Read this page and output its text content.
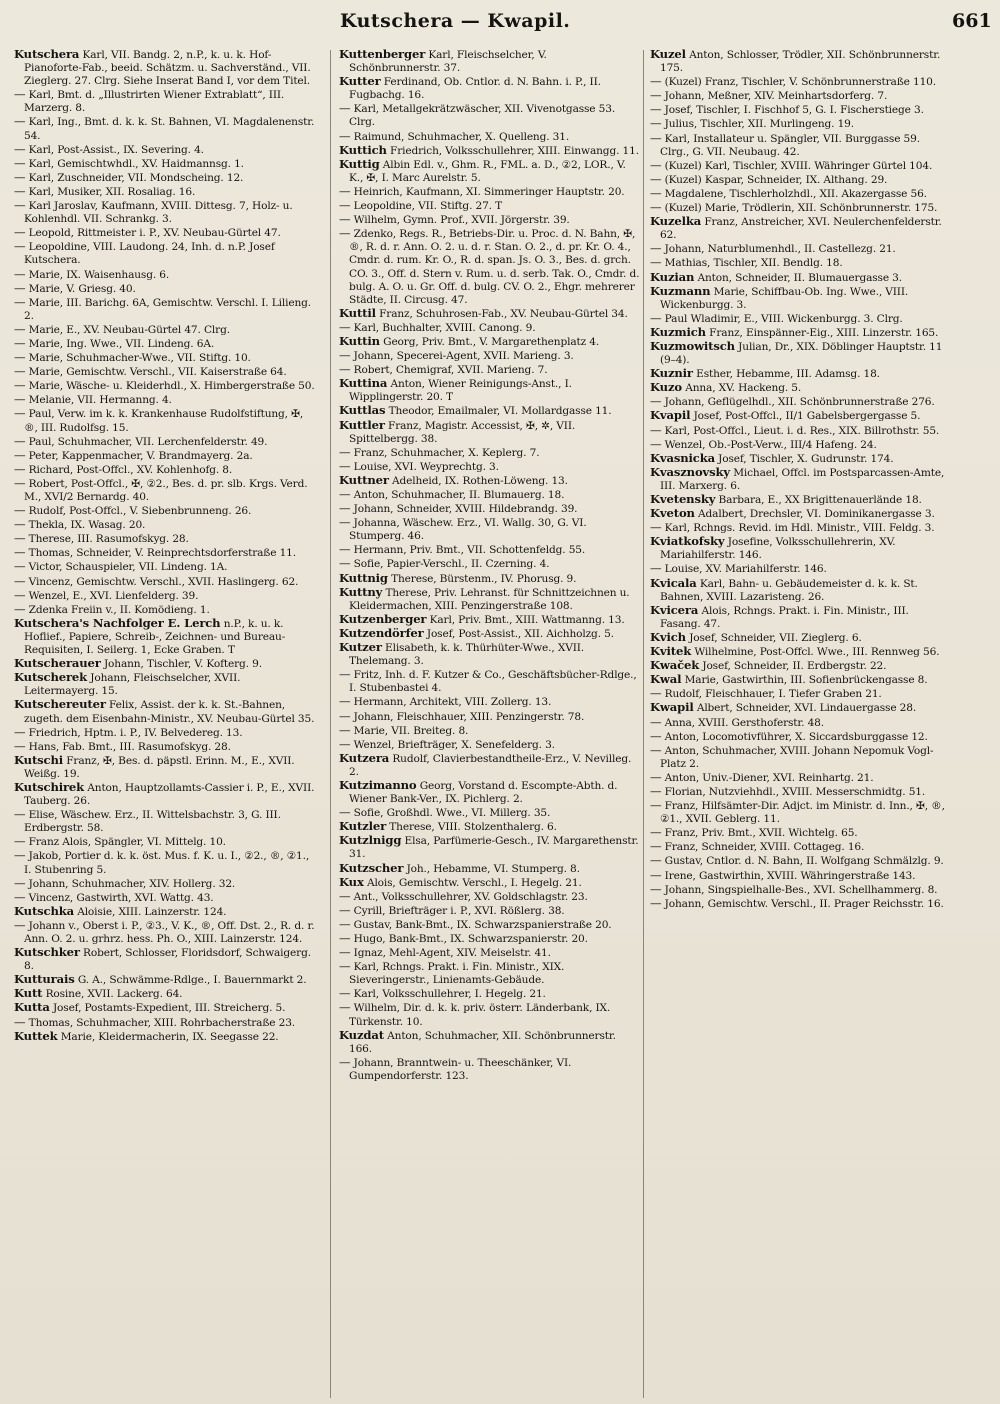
Kutschera — Kwapil.	661

Kutschera Karl, VII. Bandg. 2, n.P., k. u. k. Hof-Pianoforte-Fab., beeid. Schätzm. u. Sachverständ., VII. Zieglerg. 27. Clrg. Siehe Inserat Band I, vor dem Titel.

— Karl, Bmt. d. „Illustrirten Wiener Extrablatt“, III. Marzerg. 8.

— Karl, Ing., Bmt. d. k. k. St. Bahnen, VI. Magdalenenstr. 54.

— Karl, Post-Assist., IX. Severing. 4.

— Karl, Gemischtwhdl., XV. Haidmannsg. 1.

— Karl, Zuschneider, VII. Mondscheing. 12.

— Karl, Musiker, XII. Rosaliag. 16.

— Karl Jaroslav, Kaufmann, XVIII. Dittesg. 7, Holz- u. Kohlenhdl. VII. Schrankg. 3.

— Leopold, Rittmeister i. P., XV. Neubau-Gürtel 47.

— Leopoldine, VIII. Laudong. 24, Inh. d. n.P. Josef Kutschera.

— Marie, IX. Waisenhausg. 6.

— Marie, V. Griesg. 40.

— Marie, III. Barichg. 6A, Gemischtw. Verschl. I. Lilieng. 2.

— Marie, E., XV. Neubau-Gürtel 47. Clrg.

— Marie, Ing. Wwe., VII. Lindeng. 6A.

— Marie, Schuhmacher-Wwe., VII. Stiftg. 10.

— Marie, Gemischtw. Verschl., VII. Kaiserstraße 64.

— Marie, Wäsche- u. Kleiderhdl., X. Himbergerstraße 50.

— Melanie, VII. Hermanng. 4.

— Paul, Verw. im k. k. Krankenhause Rudolfstiftung, ✠, ®, III. Rudolfsg. 15.

— Paul, Schuhmacher, VII. Lerchenfelderstr. 49.

— Peter, Kappenmacher, V. Brandmayerg. 2a.

— Richard, Post-Offcl., XV. Kohlenhofg. 8.

— Robert, Post-Offcl., ✠, ②2., Bes. d. pr. slb. Krgs. Verd. M., XVI/2 Bernardg. 40.

— Rudolf, Post-Offcl., V. Siebenbrunneng. 26.

— Thekla, IX. Wasag. 20.

— Therese, III. Rasumofskyg. 28.

— Thomas, Schneider, V. Reinprechtsdorferstraße 11.

— Victor, Schauspieler, VII. Lindeng. 1A.

— Vincenz, Gemischtw. Verschl., XVII. Haslingerg. 62.

— Wenzel, E., XVI. Lienfelderg. 39.

— Zdenka Freiin v., II. Komödieng. 1.

Kutschera's Nachfolger E. Lerch n.P., k. u. k. Hoflief., Papiere, Schreib-, Zeichnen- und Bureau-Requisiten, I. Seilerg. 1, Ecke Graben. T

Kutscherauer Johann, Tischler, V. Kofterg. 9.

Kutscherek Johann, Fleischselcher, XVII. Leitermayerg. 15.

Kutschereuter Felix, Assist. der k. k. St.-Bahnen, zugeth. dem Eisenbahn-Ministr., XV. Neubau-Gürtel 35.

— Friedrich, Hptm. i. P., IV. Belvedereg. 13.

— Hans, Fab. Bmt., III. Rasumofskyg. 28.

Kutschi Franz, ✠, Bes. d. päpstl. Erinn. M., E., XVII. Weißg. 19.

Kutschirek Anton, Hauptzollamts-Cassier i. P., E., XVII. Tauberg. 26.

— Elise, Wäschew. Erz., II. Wittelsbachstr. 3, G. III. Erdbergstr. 58.

— Franz Alois, Spängler, VI. Mittelg. 10.

— Jakob, Portier d. k. k. öst. Mus. f. K. u. I., ②2., ®, ②1., I. Stubenring 5.

— Johann, Schuhmacher, XIV. Hollerg. 32.

— Vincenz, Gastwirth, XVI. Wattg. 43.

Kutschka Aloisie, XIII. Lainzerstr. 124.

— Johann v., Oberst i. P., ②3., V. K., ®, Off. Dst. 2., R. d. r. Ann. O. 2. u. grhrz. hess. Ph. O., XIII. Lainzerstr. 124.

Kutschker Robert, Schlosser, Floridsdorf, Schwaigerg. 8.

Kutturais G. A., Schwämme-Rdlge., I. Bauernmarkt 2.

Kutt Rosine, XVII. Lackerg. 64.

Kutta Josef, Postamts-Expedient, III. Streicherg. 5.

— Thomas, Schuhmacher, XIII. Rohrbacherstraße 23.

Kuttek Marie, Kleidermacherin, IX. Seegasse 22.

Kuttenberger Karl, Fleischselcher, V. Schönbrunnerstr. 37.

Kutter Ferdinand, Ob. Cntlor. d. N. Bahn. i. P., II. Fugbachg. 16.

— Karl, Metallgekrätzwäscher, XII. Vivenotgasse 53. Clrg.

— Raimund, Schuhmacher, X. Quelleng. 31.

Kuttich Friedrich, Volksschullehrer, XIII. Einwangg. 11.

Kuttig Albin Edl. v., Ghm. R., FML. a. D., ②2, LOR., V. K., ✠, I. Marc Aurelstr. 5.

— Heinrich, Kaufmann, XI. Simmeringer Hauptstr. 20.

— Leopoldine, VII. Stiftg. 27. T

— Wilhelm, Gymn. Prof., XVII. Jörgerstr. 39.

— Zdenko, Regs. R., Betriebs-Dir. u. Proc. d. N. Bahn, ✠, ®, R. d. r. Ann. O. 2. u. d. r. Stan. O. 2., d. pr. Kr. O. 4., Cmdr. d. rum. Kr. O., R. d. span. Js. O. 3., Bes. d. grch. CO. 3., Off. d. Stern v. Rum. u. d. serb. Tak. O., Cmdr. d. bulg. A. O. u. Gr. Off. d. bulg. CV. O. 2., Ehgr. mehrerer Städte, II. Circusg. 47.

Kuttil Franz, Schuhrosen-Fab., XV. Neubau-Gürtel 34.

— Karl, Buchhalter, XVIII. Canong. 9.

Kuttin Georg, Priv. Bmt., V. Margarethenplatz 4.

— Johann, Specerei-Agent, XVII. Marieng. 3.

— Robert, Chemigraf, XVII. Marieng. 7.

Kuttina Anton, Wiener Reinigungs-Anst., I. Wipplingerstr. 20. T

Kuttlas Theodor, Emailmaler, VI. Mollardgasse 11.

Kuttler Franz, Magistr. Accessist, ✠, ✲, VII. Spittelbergg. 38.

— Franz, Schuhmacher, X. Keplerg. 7.

— Louise, XVI. Weyprechtg. 3.

Kuttner Adelheid, IX. Rothen-Löweng. 13.

— Anton, Schuhmacher, II. Blumauerg. 18.

— Johann, Schneider, XVIII. Hildebrandg. 39.

— Johanna, Wäschew. Erz., VI. Wallg. 30, G. VI. Stumperg. 46.

— Hermann, Priv. Bmt., VII. Schottenfeldg. 55.

— Sofie, Papier-Verschl., II. Czerning. 4.

Kuttnig Therese, Bürstenm., IV. Phorusg. 9.

Kuttny Therese, Priv. Lehranst. für Schnittzeichnen u. Kleidermachen, XIII. Penzingerstraße 108.

Kutzenberger Karl, Priv. Bmt., XIII. Wattmanng. 13.

Kutzendörfer Josef, Post-Assist., XII. Aichholzg. 5.

Kutzer Elisabeth, k. k. Thürhüter-Wwe., XVII. Thelemang. 3.

— Fritz, Inh. d. F. Kutzer & Co., Geschäftsbücher-Rdlge., I. Stubenbastei 4.

— Hermann, Architekt, VIII. Zollerg. 13.

— Johann, Fleischhauer, XIII. Penzingerstr. 78.

— Marie, VII. Breiteg. 8.

— Wenzel, Briefträger, X. Senefelderg. 3.

Kutzera Rudolf, Clavierbestandtheile-Erz., V. Nevilleg. 2.

Kutzimanno Georg, Vorstand d. Escompte-Abth. d. Wiener Bank-Ver., IX. Pichlerg. 2.

— Sofie, Großhdl. Wwe., VI. Millerg. 35.

Kutzler Therese, VIII. Stolzenthalerg. 6.

Kutzlnigg Elsa, Parfümerie-Gesch., IV. Margarethenstr. 31.

Kutzscher Joh., Hebamme, VI. Stumperg. 8.

Kux Alois, Gemischtw. Verschl., I. Hegelg. 21.

— Ant., Volksschullehrer, XV. Goldschlagstr. 23.

— Cyrill, Briefträger i. P., XVI. Rößlerg. 38.

— Gustav, Bank-Bmt., IX. Schwarzspanierstraße 20.

— Hugo, Bank-Bmt., IX. Schwarzspanierstr. 20.

— Ignaz, Mehl-Agent, XIV. Meiselstr. 41.

— Karl, Rchngs. Prakt. i. Fin. Ministr., XIX. Sieveringerstr., Linienamts-Gebäude.

— Karl, Volksschullehrer, I. Hegelg. 21.

— Wilhelm, Dir. d. k. k. priv. österr. Länderbank, IX. Türkenstr. 10.

Kuzdat Anton, Schuhmacher, XII. Schönbrunnerstr. 166.

— Johann, Branntwein- u. Theeschänker, VI. Gumpendorferstr. 123.

Kuzel Anton, Schlosser, Trödler, XII. Schönbrunnerstr. 175.

— (Kuzel) Franz, Tischler, V. Schönbrunnerstraße 110.

— Johann, Meßner, XIV. Meinhartsdorferg. 7.

— Josef, Tischler, I. Fischhof 5, G. I. Fischerstiege 3.

— Julius, Tischler, XII. Murlingeng. 19.

— Karl, Installateur u. Spängler, VII. Burggasse 59. Clrg., G. VII. Neubaug. 42.

— (Kuzel) Karl, Tischler, XVIII. Währinger Gürtel 104.

— (Kuzel) Kaspar, Schneider, IX. Althang. 29.

— Magdalene, Tischlerholzhdl., XII. Akazergasse 56.

— (Kuzel) Marie, Trödlerin, XII. Schönbrunnerstr. 175.

Kuzelka Franz, Anstreicher, XVI. Neulerchenfelderstr. 62.

— Johann, Naturblumenhdl., II. Castellezg. 21.

— Mathias, Tischler, XII. Bendlg. 18.

Kuzian Anton, Schneider, II. Blumauergasse 3.

Kuzmann Marie, Schiffbau-Ob. Ing. Wwe., VIII. Wickenburgg. 3.

— Paul Wladimir, E., VIII. Wickenburgg. 3. Clrg.

Kuzmich Franz, Einspänner-Eig., XIII. Linzerstr. 165.

Kuzmowitsch Julian, Dr., XIX. Döblinger Hauptstr. 11 (9–4).

Kuznir Esther, Hebamme, III. Adamsg. 18.

Kuzo Anna, XV. Hackeng. 5.

— Johann, Geflügelhdl., XII. Schönbrunnerstraße 276.

Kvapil Josef, Post-Offcl., II/1 Gabelsbergergasse 5.

— Karl, Post-Offcl., Lieut. i. d. Res., XIX. Billrothstr. 55.

— Wenzel, Ob.-Post-Verw., III/4 Hafeng. 24.

Kvasnicka Josef, Tischler, X. Gudrunstr. 174.

Kvasznovsky Michael, Offcl. im Postsparcassen-Amte, III. Marxerg. 6.

Kvetensky Barbara, E., XX Brigittenauerlände 18.

Kveton Adalbert, Drechsler, VI. Dominikanergasse 3.

— Karl, Rchngs. Revid. im Hdl. Ministr., VIII. Feldg. 3.

Kviatkofsky Josefine, Volksschullehrerin, XV. Mariahilferstr. 146.

— Louise, XV. Mariahilferstr. 146.

Kvicala Karl, Bahn- u. Gebäudemeister d. k. k. St. Bahnen, XVIII. Lazaristeng. 26.

Kvicera Alois, Rchngs. Prakt. i. Fin. Ministr., III. Fasang. 47.

Kvich Josef, Schneider, VII. Zieglerg. 6.

Kvitek Wilhelmine, Post-Offcl. Wwe., III. Rennweg 56.

Kwaček Josef, Schneider, II. Erdbergstr. 22.

Kwal Marie, Gastwirthin, III. Sofienbrückengasse 8.

— Rudolf, Fleischhauer, I. Tiefer Graben 21.

Kwapil Albert, Schneider, XVI. Lindauergasse 28.

— Anna, XVIII. Gersthoferstr. 48.

— Anton, Locomotivführer, X. Siccardsburggasse 12.

— Anton, Schuhmacher, XVIII. Johann Nepomuk Vogl-Platz 2.

— Anton, Univ.-Diener, XVI. Reinhartg. 21.

— Florian, Nutzviehhdl., XVIII. Messerschmidtg. 51.

— Franz, Hilfsämter-Dir. Adjct. im Ministr. d. Inn., ✠, ®, ②1., XVII. Geblerg. 11.

— Franz, Priv. Bmt., XVII. Wichtelg. 65.

— Franz, Schneider, XVIII. Cottageg. 16.

— Gustav, Cntlor. d. N. Bahn, II. Wolfgang Schmälzlg. 9.

— Irene, Gastwirthin, XVIII. Währingerstraße 143.

— Johann, Singspielhalle-Bes., XVI. Schellhammerg. 8.

— Johann, Gemischtw. Verschl., II. Prager Reichsstr. 16.
